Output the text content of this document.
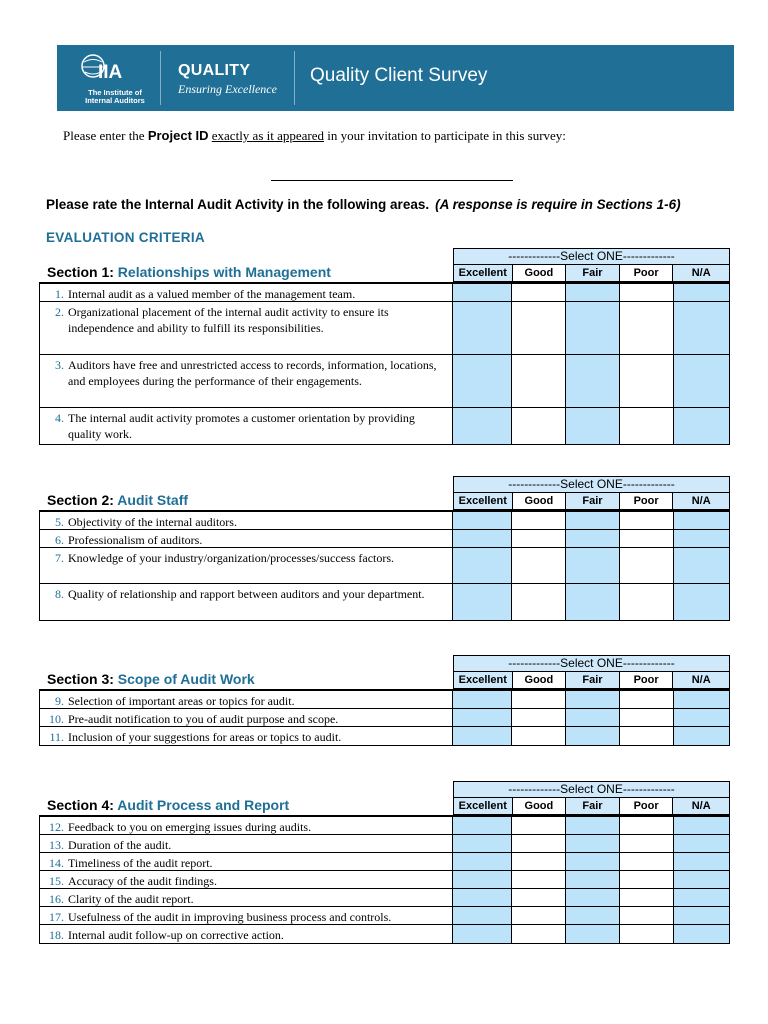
IIA
The Institute of Internal Auditors
QUALITY
Ensuring Excellence
Quality Client Survey
Please enter the Project ID exactly as it appeared in your invitation to participate in this survey:
Please rate the Internal Audit Activity in the following areas. (A response is require in Sections 1-6)
EVALUATION CRITERIA
Section 1: Relationships with Management
-------------Select ONE-------------
Excellent	Good	Fair	Poor	N/A
1. Internal audit as a valued member of the management team.
2. Organizational placement of the internal audit activity to ensure its independence and ability to fulfill its responsibilities.
3. Auditors have free and unrestricted access to records, information, locations, and employees during the performance of their engagements.
4. The internal audit activity promotes a customer orientation by providing quality work.
Section 2: Audit Staff
-------------Select ONE-------------
Excellent	Good	Fair	Poor	N/A
5. Objectivity of the internal auditors.
6. Professionalism of auditors.
7. Knowledge of your industry/organization/processes/success factors.
8. Quality of relationship and rapport between auditors and your department.
Section 3: Scope of Audit Work
-------------Select ONE-------------
Excellent	Good	Fair	Poor	N/A
9. Selection of important areas or topics for audit.
10. Pre-audit notification to you of audit purpose and scope.
11. Inclusion of your suggestions for areas or topics to audit.
Section 4: Audit Process and Report
-------------Select ONE-------------
Excellent	Good	Fair	Poor	N/A
12. Feedback to you on emerging issues during audits.
13. Duration of the audit.
14. Timeliness of the audit report.
15. Accuracy of the audit findings.
16. Clarity of the audit report.
17. Usefulness of the audit in improving business process and controls.
18. Internal audit follow-up on corrective action.
